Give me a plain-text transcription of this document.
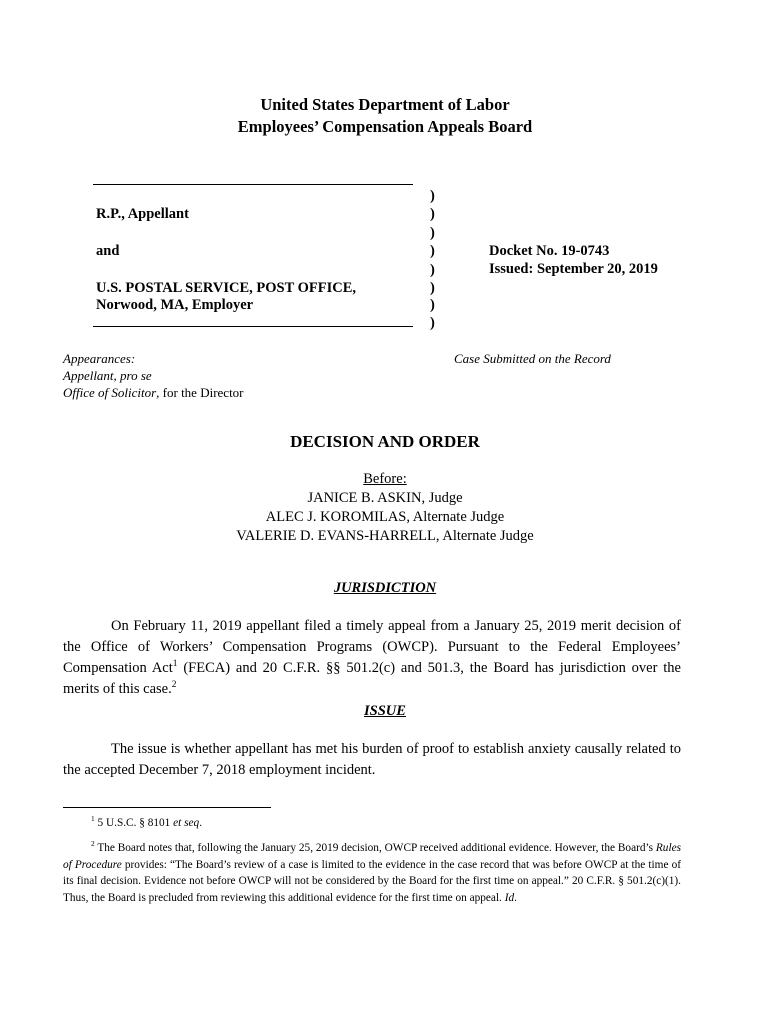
United States Department of Labor
Employees’ Compensation Appeals Board
R.P., Appellant
and
U.S. POSTAL SERVICE, POST OFFICE,
Norwood, MA, Employer
)
)
)
)
)
)
)
)
Docket No. 19-0743
Issued: September 20, 2019
Appearances:
Appellant, pro se
Office of Solicitor, for the Director
Case Submitted on the Record
DECISION AND ORDER
Before:
JANICE B. ASKIN, Judge
ALEC J. KOROMILAS, Alternate Judge
VALERIE D. EVANS-HARRELL, Alternate Judge
JURISDICTION
On February 11, 2019 appellant filed a timely appeal from a January 25, 2019 merit decision of the Office of Workers’ Compensation Programs (OWCP). Pursuant to the Federal Employees’ Compensation Act$^1$ (FECA) and 20 C.F.R. §§ 501.2(c) and 501.3, the Board has jurisdiction over the merits of this case.$^2$
ISSUE
The issue is whether appellant has met his burden of proof to establish anxiety causally related to the accepted December 7, 2018 employment incident.
$^1$ 5 U.S.C. § 8101 et seq.
$^2$ The Board notes that, following the January 25, 2019 decision, OWCP received additional evidence. However, the Board’s Rules of Procedure provides: “The Board’s review of a case is limited to the evidence in the case record that was before OWCP at the time of its final decision. Evidence not before OWCP will not be considered by the Board for the first time on appeal.” 20 C.F.R. § 501.2(c)(1). Thus, the Board is precluded from reviewing this additional evidence for the first time on appeal. Id.
